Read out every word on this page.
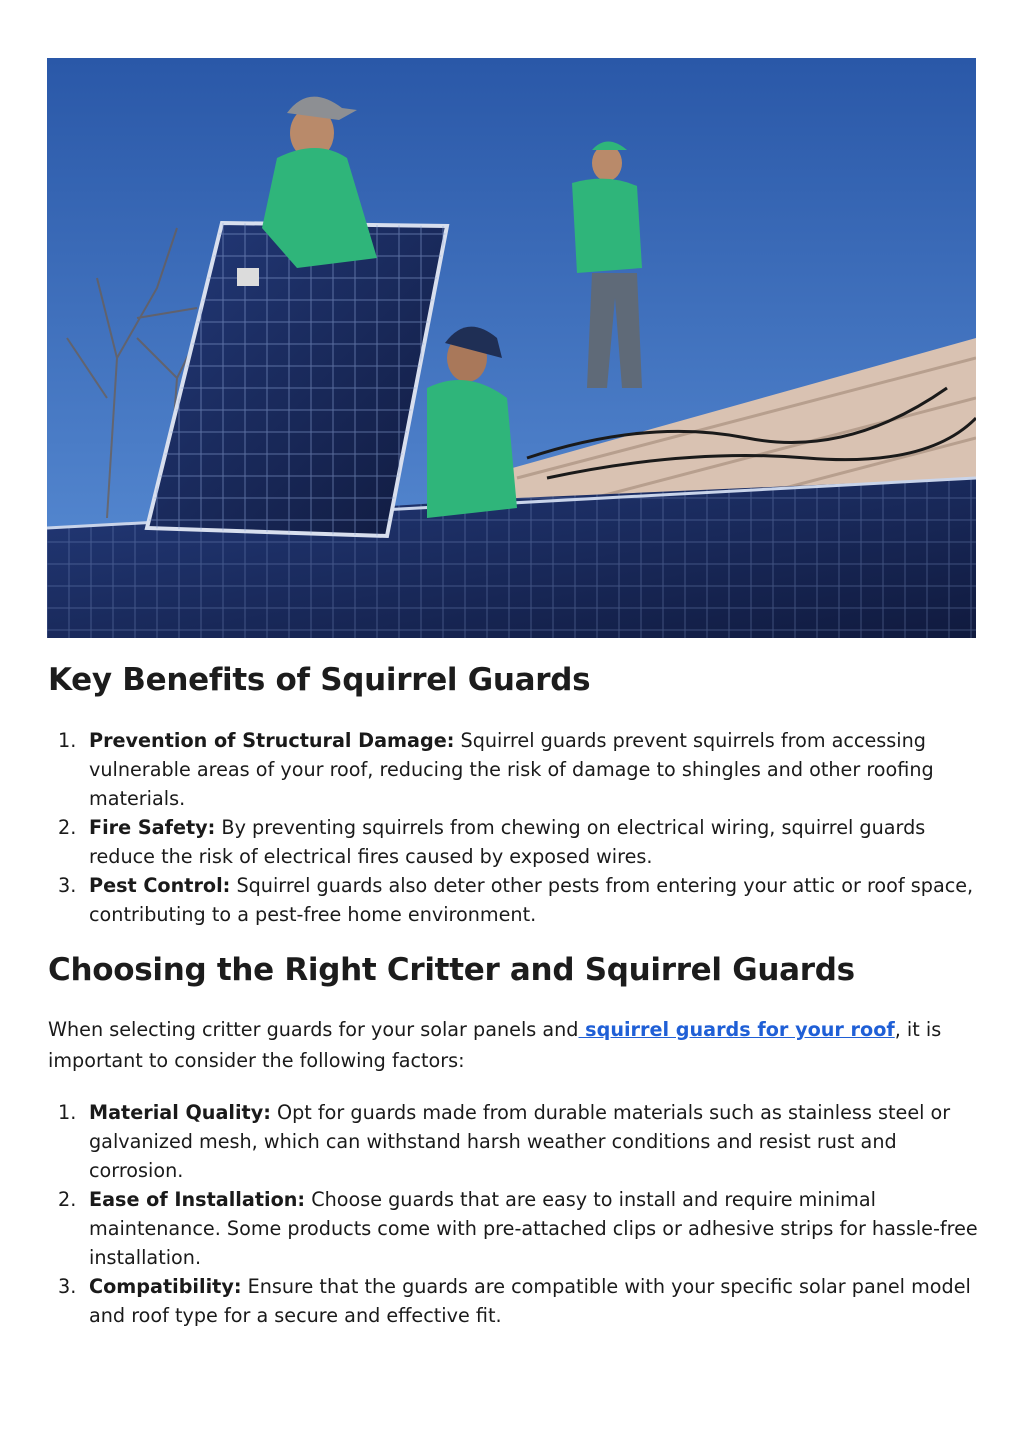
Key Benefits of Squirrel Guards
1. Prevention of Structural Damage: Squirrel guards prevent squirrels from accessing vulnerable areas of your roof, reducing the risk of damage to shingles and other roofing materials.
2. Fire Safety: By preventing squirrels from chewing on electrical wiring, squirrel guards reduce the risk of electrical fires caused by exposed wires.
3. Pest Control: Squirrel guards also deter other pests from entering your attic or roof space, contributing to a pest-free home environment.
Choosing the Right Critter and Squirrel Guards

When selecting critter guards for your solar panels and squirrel guards for your roof, it is important to consider the following factors:

1. Material Quality: Opt for guards made from durable materials such as stainless steel or galvanized mesh, which can withstand harsh weather conditions and resist rust and corrosion.
2. Ease of Installation: Choose guards that are easy to install and require minimal maintenance. Some products come with pre-attached clips or adhesive strips for hassle-free installation.
3. Compatibility: Ensure that the guards are compatible with your specific solar panel model and roof type for a secure and effective fit.
